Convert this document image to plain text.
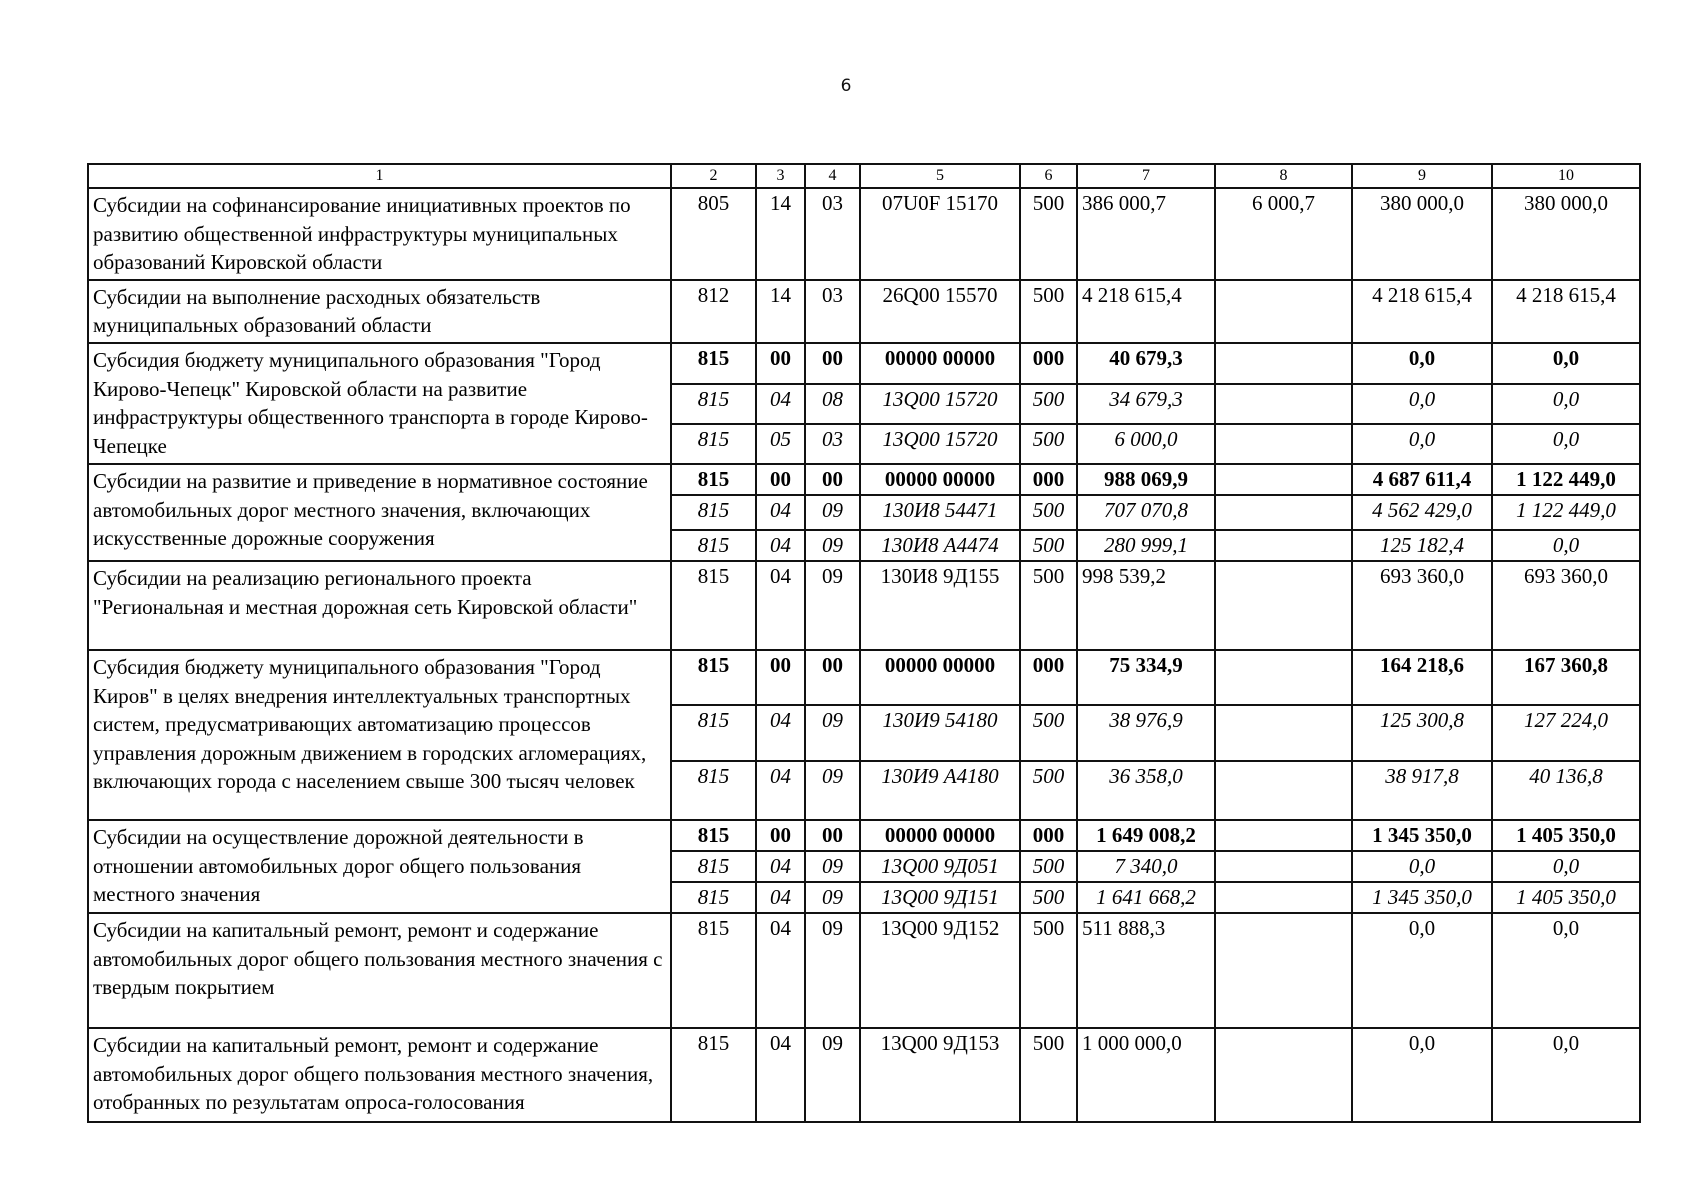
6
1	2	3	4	5	6	7	8	9	10
Субсидии на софинансирование инициативных проектов по развитию общественной инфраструктуры муниципальных образований Кировской области	805	14	03	07U0F 15170	500	386 000,7	6 000,7	380 000,0	380 000,0
Субсидии на выполнение расходных обязательств муниципальных образований области	812	14	03	26Q00 15570	500	4 218 615,4		4 218 615,4	4 218 615,4
Субсидия бюджету муниципального образования "Город Кирово-Чепецк" Кировской области на развитие инфраструктуры общественного транспорта в городе Кирово-Чепецке	815	00	00	00000 00000	000	40 679,3		0,0	0,0
	815	04	08	13Q00 15720	500	34 679,3		0,0	0,0
	815	05	03	13Q00 15720	500	6 000,0		0,0	0,0
Субсидии на развитие и приведение в нормативное состояние автомобильных дорог местного значения, включающих искусственные дорожные сооружения	815	00	00	00000 00000	000	988 069,9		4 687 611,4	1 122 449,0
	815	04	09	130И8 54471	500	707 070,8		4 562 429,0	1 122 449,0
	815	04	09	130И8 А4474	500	280 999,1		125 182,4	0,0
Субсидии на реализацию регионального проекта "Региональная и местная дорожная сеть Кировской области"	815	04	09	130И8 9Д155	500	998 539,2		693 360,0	693 360,0
Субсидия бюджету муниципального образования "Город Киров" в целях внедрения интеллектуальных транспортных систем, предусматривающих автоматизацию процессов управления дорожным движением в городских агломерациях, включающих города с населением свыше 300 тысяч человек	815	00	00	00000 00000	000	75 334,9		164 218,6	167 360,8
	815	04	09	130И9 54180	500	38 976,9		125 300,8	127 224,0
	815	04	09	130И9 А4180	500	36 358,0		38 917,8	40 136,8
Субсидии на осуществление дорожной деятельности в отношении автомобильных дорог общего пользования местного значения	815	00	00	00000 00000	000	1 649 008,2		1 345 350,0	1 405 350,0
	815	04	09	13Q00 9Д051	500	7 340,0		0,0	0,0
	815	04	09	13Q00 9Д151	500	1 641 668,2		1 345 350,0	1 405 350,0
Субсидии на капитальный ремонт, ремонт и содержание автомобильных дорог общего пользования местного значения с твердым покрытием	815	04	09	13Q00 9Д152	500	511 888,3		0,0	0,0
Субсидии на капитальный ремонт, ремонт и содержание автомобильных дорог общего пользования местного значения, отобранных по результатам опроса-голосования	815	04	09	13Q00 9Д153	500	1 000 000,0		0,0	0,0
